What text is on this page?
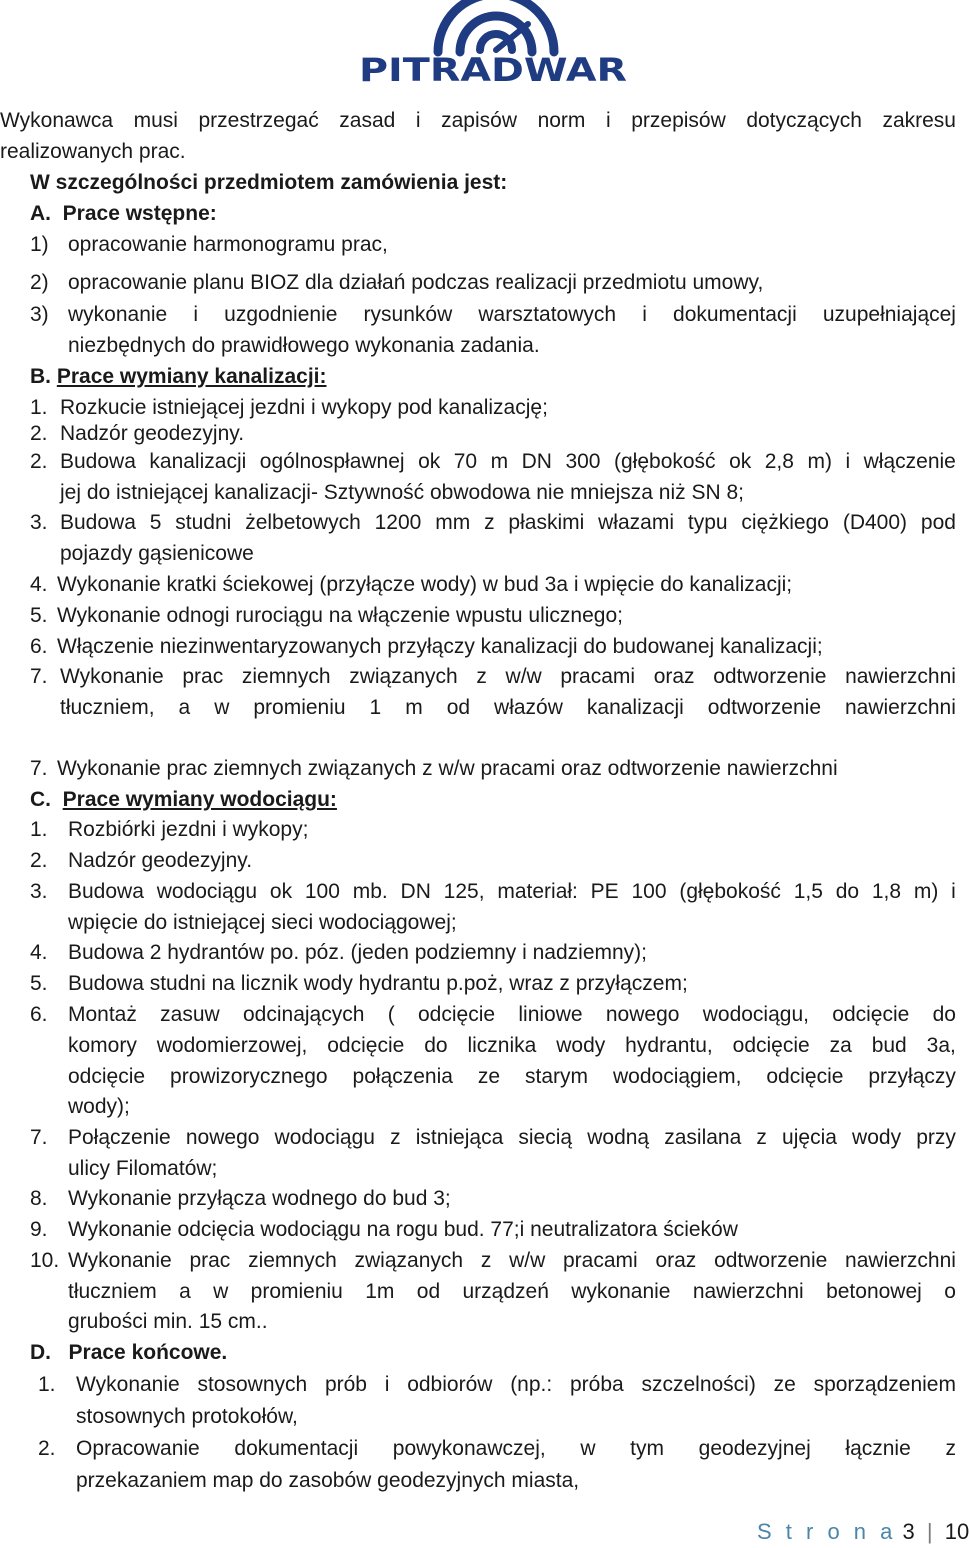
PITRADWAR
Wykonawca musi przestrzegać zasad i zapisów norm i przepisów dotyczących zakresu
realizowanych prac.
W szczególności przedmiotem zamówienia jest:
A. Prace wstępne:
1) opracowanie harmonogramu prac,
2) opracowanie planu BIOZ dla działań podczas realizacji przedmiotu umowy,
3) wykonanie i uzgodnienie rysunków warsztatowych i dokumentacji uzupełniającej
niezbędnych do prawidłowego wykonania zadania.
B. Prace wymiany kanalizacji:
1. Rozkucie istniejącej jezdni i wykopy pod kanalizację;
2. Nadzór geodezyjny.
2. Budowa kanalizacji ogólnospławnej ok 70 m DN 300 (głębokość ok 2,8 m) i włączenie
jej do istniejącej kanalizacji- Sztywność obwodowa nie mniejsza niż SN 8;
3. Budowa 5 studni żelbetowych 1200 mm z płaskimi włazami typu ciężkiego (D400) pod
pojazdy gąsienicowe
4. Wykonanie kratki ściekowej (przyłącze wody) w bud 3a i wpięcie do kanalizacji;
5. Wykonanie odnogi rurociągu na włączenie wpustu ulicznego;
6. Włączenie niezinwentaryzowanych przyłączy kanalizacji do budowanej kanalizacji;
7. Wykonanie prac ziemnych związanych z w/w pracami oraz odtworzenie nawierzchni
tłuczniem, a w promieniu 1 m od włazów kanalizacji odtworzenie nawierzchni
7. Wykonanie prac ziemnych związanych z w/w pracami oraz odtworzenie nawierzchni
C. Prace wymiany wodociągu:
1. Rozbiórki jezdni i wykopy;
2. Nadzór geodezyjny.
3. Budowa wodociągu ok 100 mb. DN 125, materiał: PE 100 (głębokość 1,5 do 1,8 m) i
wpięcie do istniejącej sieci wodociągowej;
4. Budowa 2 hydrantów po. póz. (jeden podziemny i nadziemny);
5. Budowa studni na licznik wody hydrantu p.poż, wraz z przyłączem;
6. Montaż zasuw odcinających ( odcięcie liniowe nowego wodociągu, odcięcie do
komory wodomierzowej, odcięcie do licznika wody hydrantu, odcięcie za bud 3a,
odcięcie prowizorycznego połączenia ze starym wodociągiem, odcięcie przyłączy
wody);
7. Połączenie nowego wodociągu z istniejąca siecią wodną zasilana z ujęcia wody przy
ulicy Filomatów;
8. Wykonanie przyłącza wodnego do bud 3;
9. Wykonanie odcięcia wodociągu na rogu bud. 77;i neutralizatora ścieków
10. Wykonanie prac ziemnych związanych z w/w pracami oraz odtworzenie nawierzchni
tłuczniem a w promieniu 1m od urządzeń wykonanie nawierzchni betonowej o
grubości min. 15 cm..
D. Prace końcowe.
1. Wykonanie stosownych prób i odbiorów (np.: próba szczelności) ze sporządzeniem
stosownych protokołów,
2. Opracowanie dokumentacji powykonawczej, w tym geodezyjnej łącznie z
przekazaniem map do zasobów geodezyjnych miasta,
S t r o n a 3 | 10
